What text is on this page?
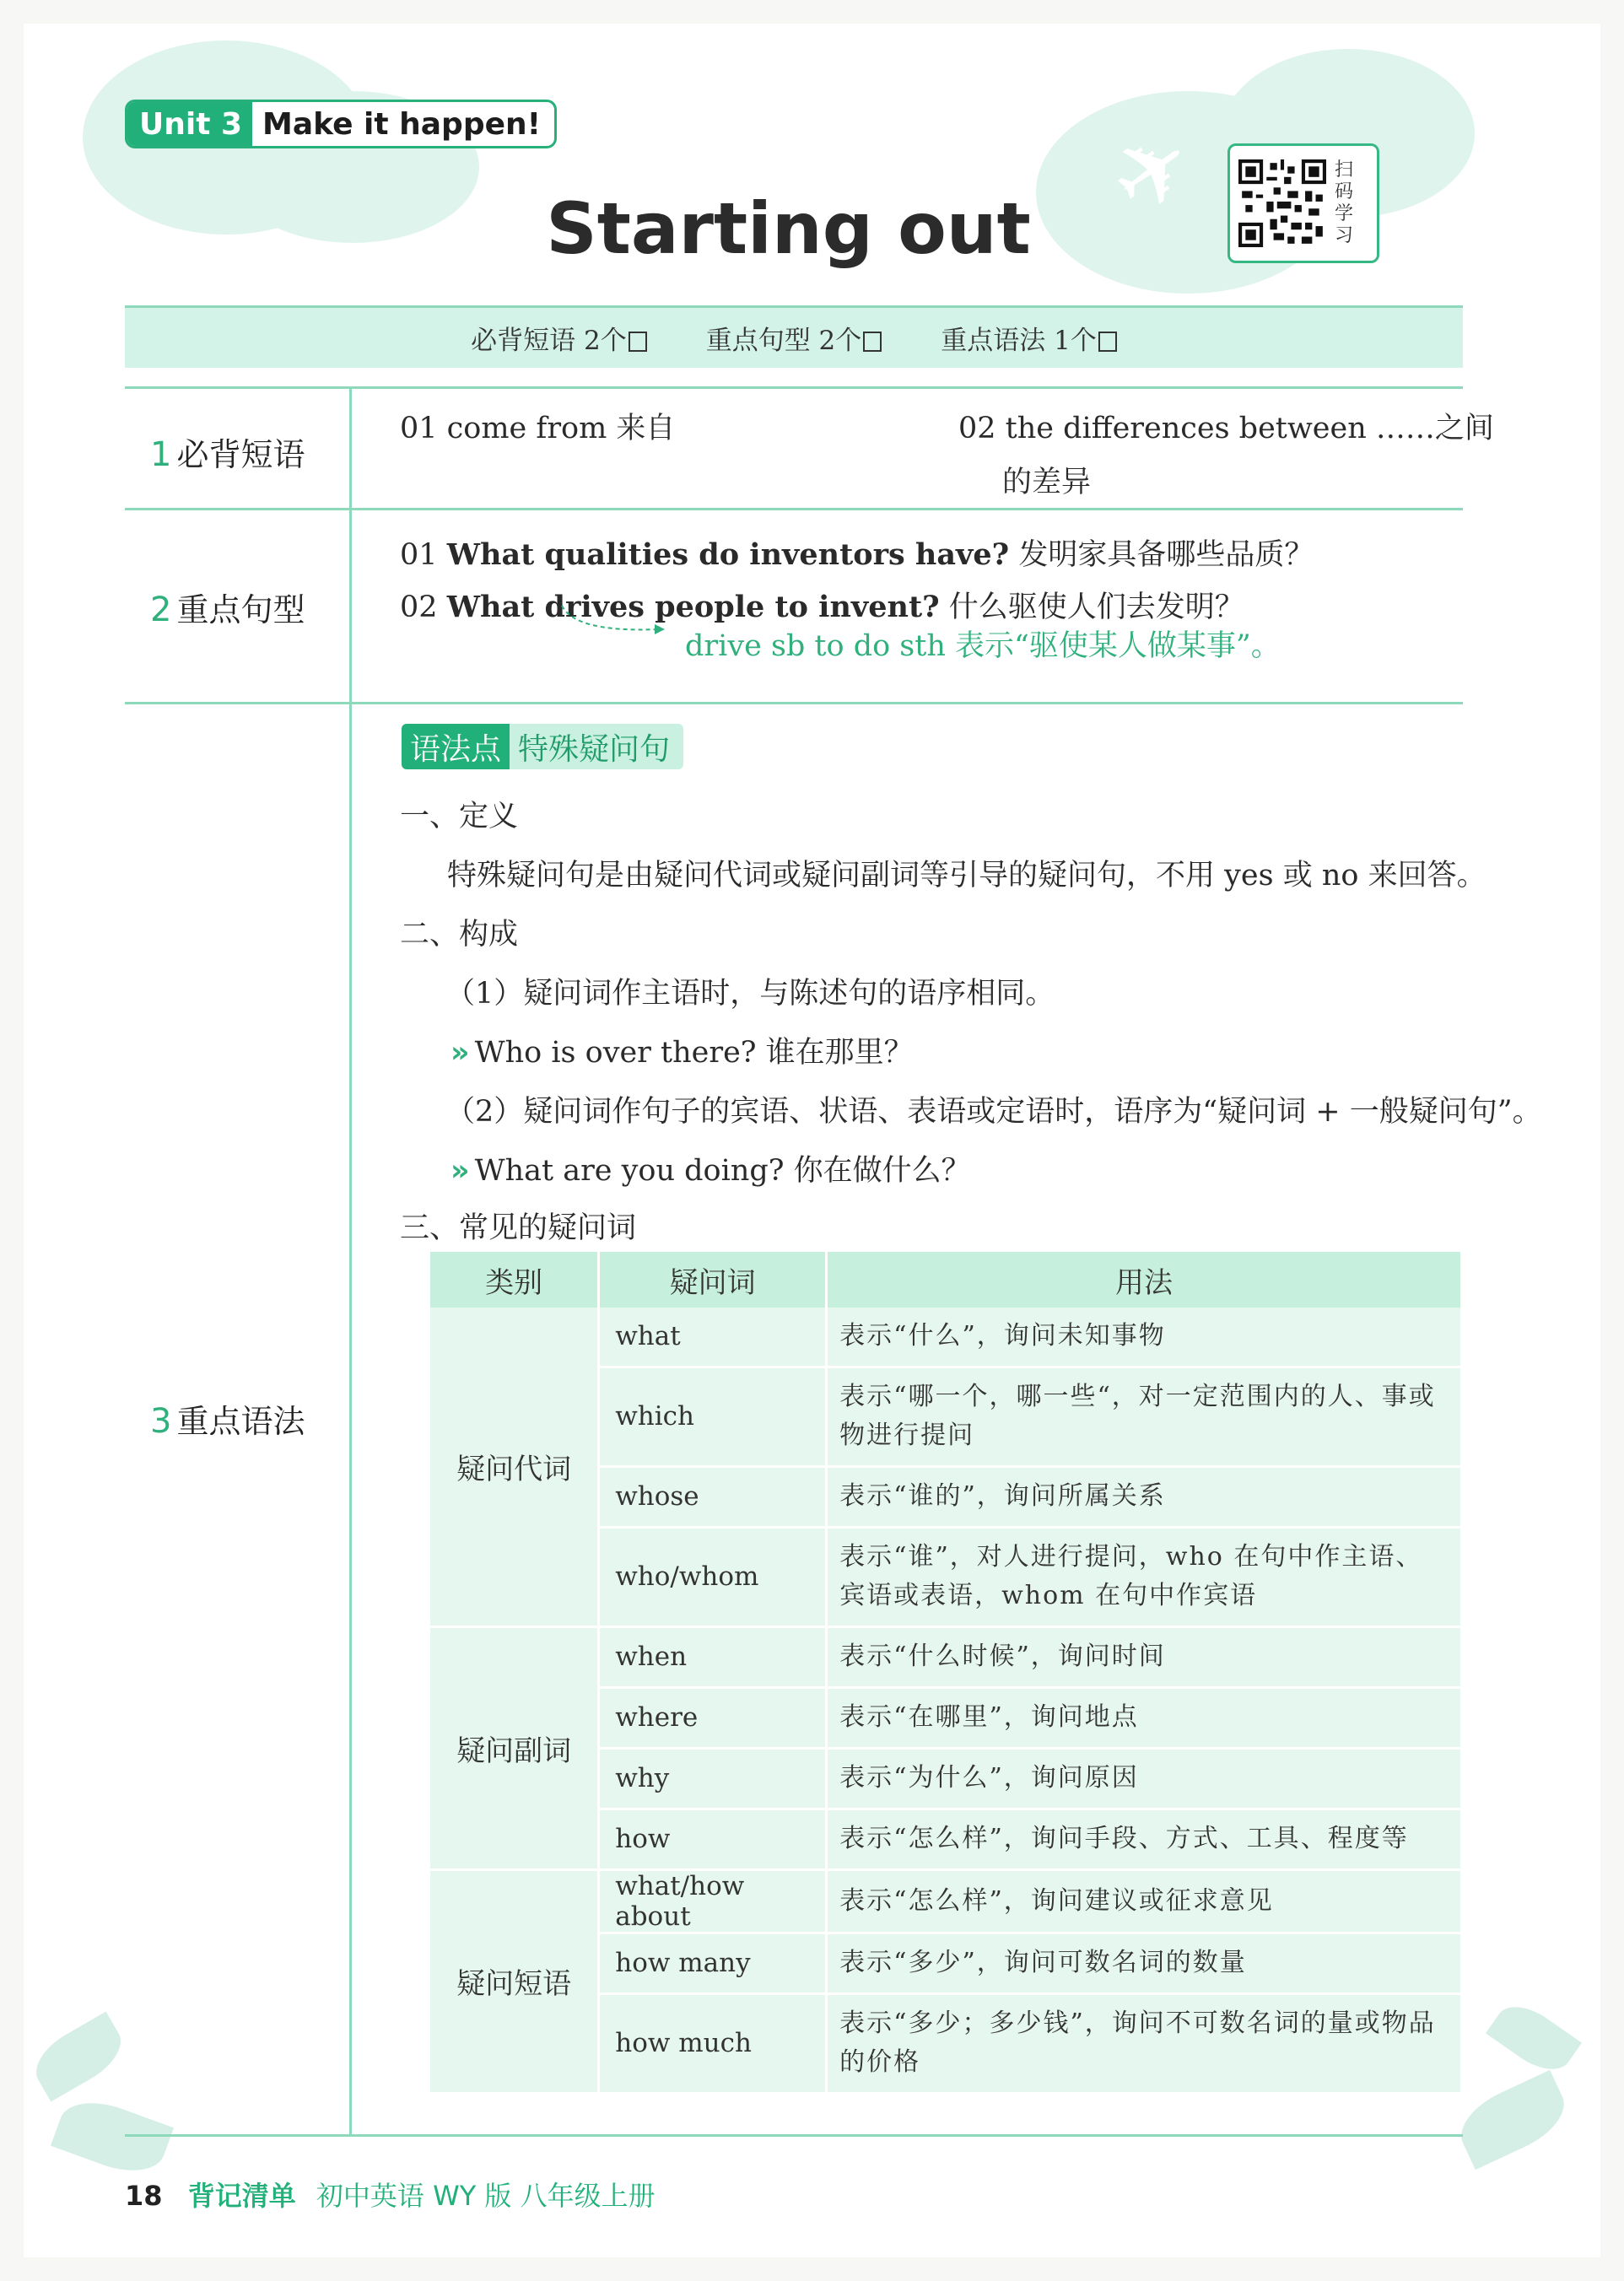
✈
Unit 3 Make it happen!
Starting out
扫
码
学
习
必背短语 2个	重点句型 2个	重点语法 1个
1 必背短语
01 come from 来自	02 the differences between ……之间
的差异
2 重点句型
01 What qualities do inventors have? 发明家具备哪些品质？
02 What drives people to invent? 什么驱使人们去发明？
drive sb to do sth 表示“驱使某人做某事”。
3 重点语法
语法点 特殊疑问句
一、定义
特殊疑问句是由疑问代词或疑问副词等引导的疑问句，不用 yes 或 no 来回答。
二、构成
（1）疑问词作主语时，与陈述句的语序相同。
» Who is over there? 谁在那里？
（2）疑问词作句子的宾语、状语、表语或定语时，语序为“疑问词 + 一般疑问句”。
» What are you doing? 你在做什么？
三、常见的疑问词
类别	疑问词	用法
疑问代词	what	表示“什么”，询问未知事物
	which	表示“哪一个，哪一些“，对一定范围内的人、事或物进行提问
	whose	表示“谁的”，询问所属关系
	who/whom	表示“谁”，对人进行提问，who 在句中作主语、宾语或表语，whom 在句中作宾语
疑问副词	when	表示“什么时候”，询问时间
	where	表示“在哪里”，询问地点
	why	表示“为什么”，询问原因
	how	表示“怎么样”，询问手段、方式、工具、程度等
疑问短语	what/how about	表示“怎么样”，询问建议或征求意见
	how many	表示“多少”，询问可数名词的数量
	how much	表示“多少；多少钱”，询问不可数名词的量或物品的价格
18 背记清单 初中英语 WY 版 八年级上册
